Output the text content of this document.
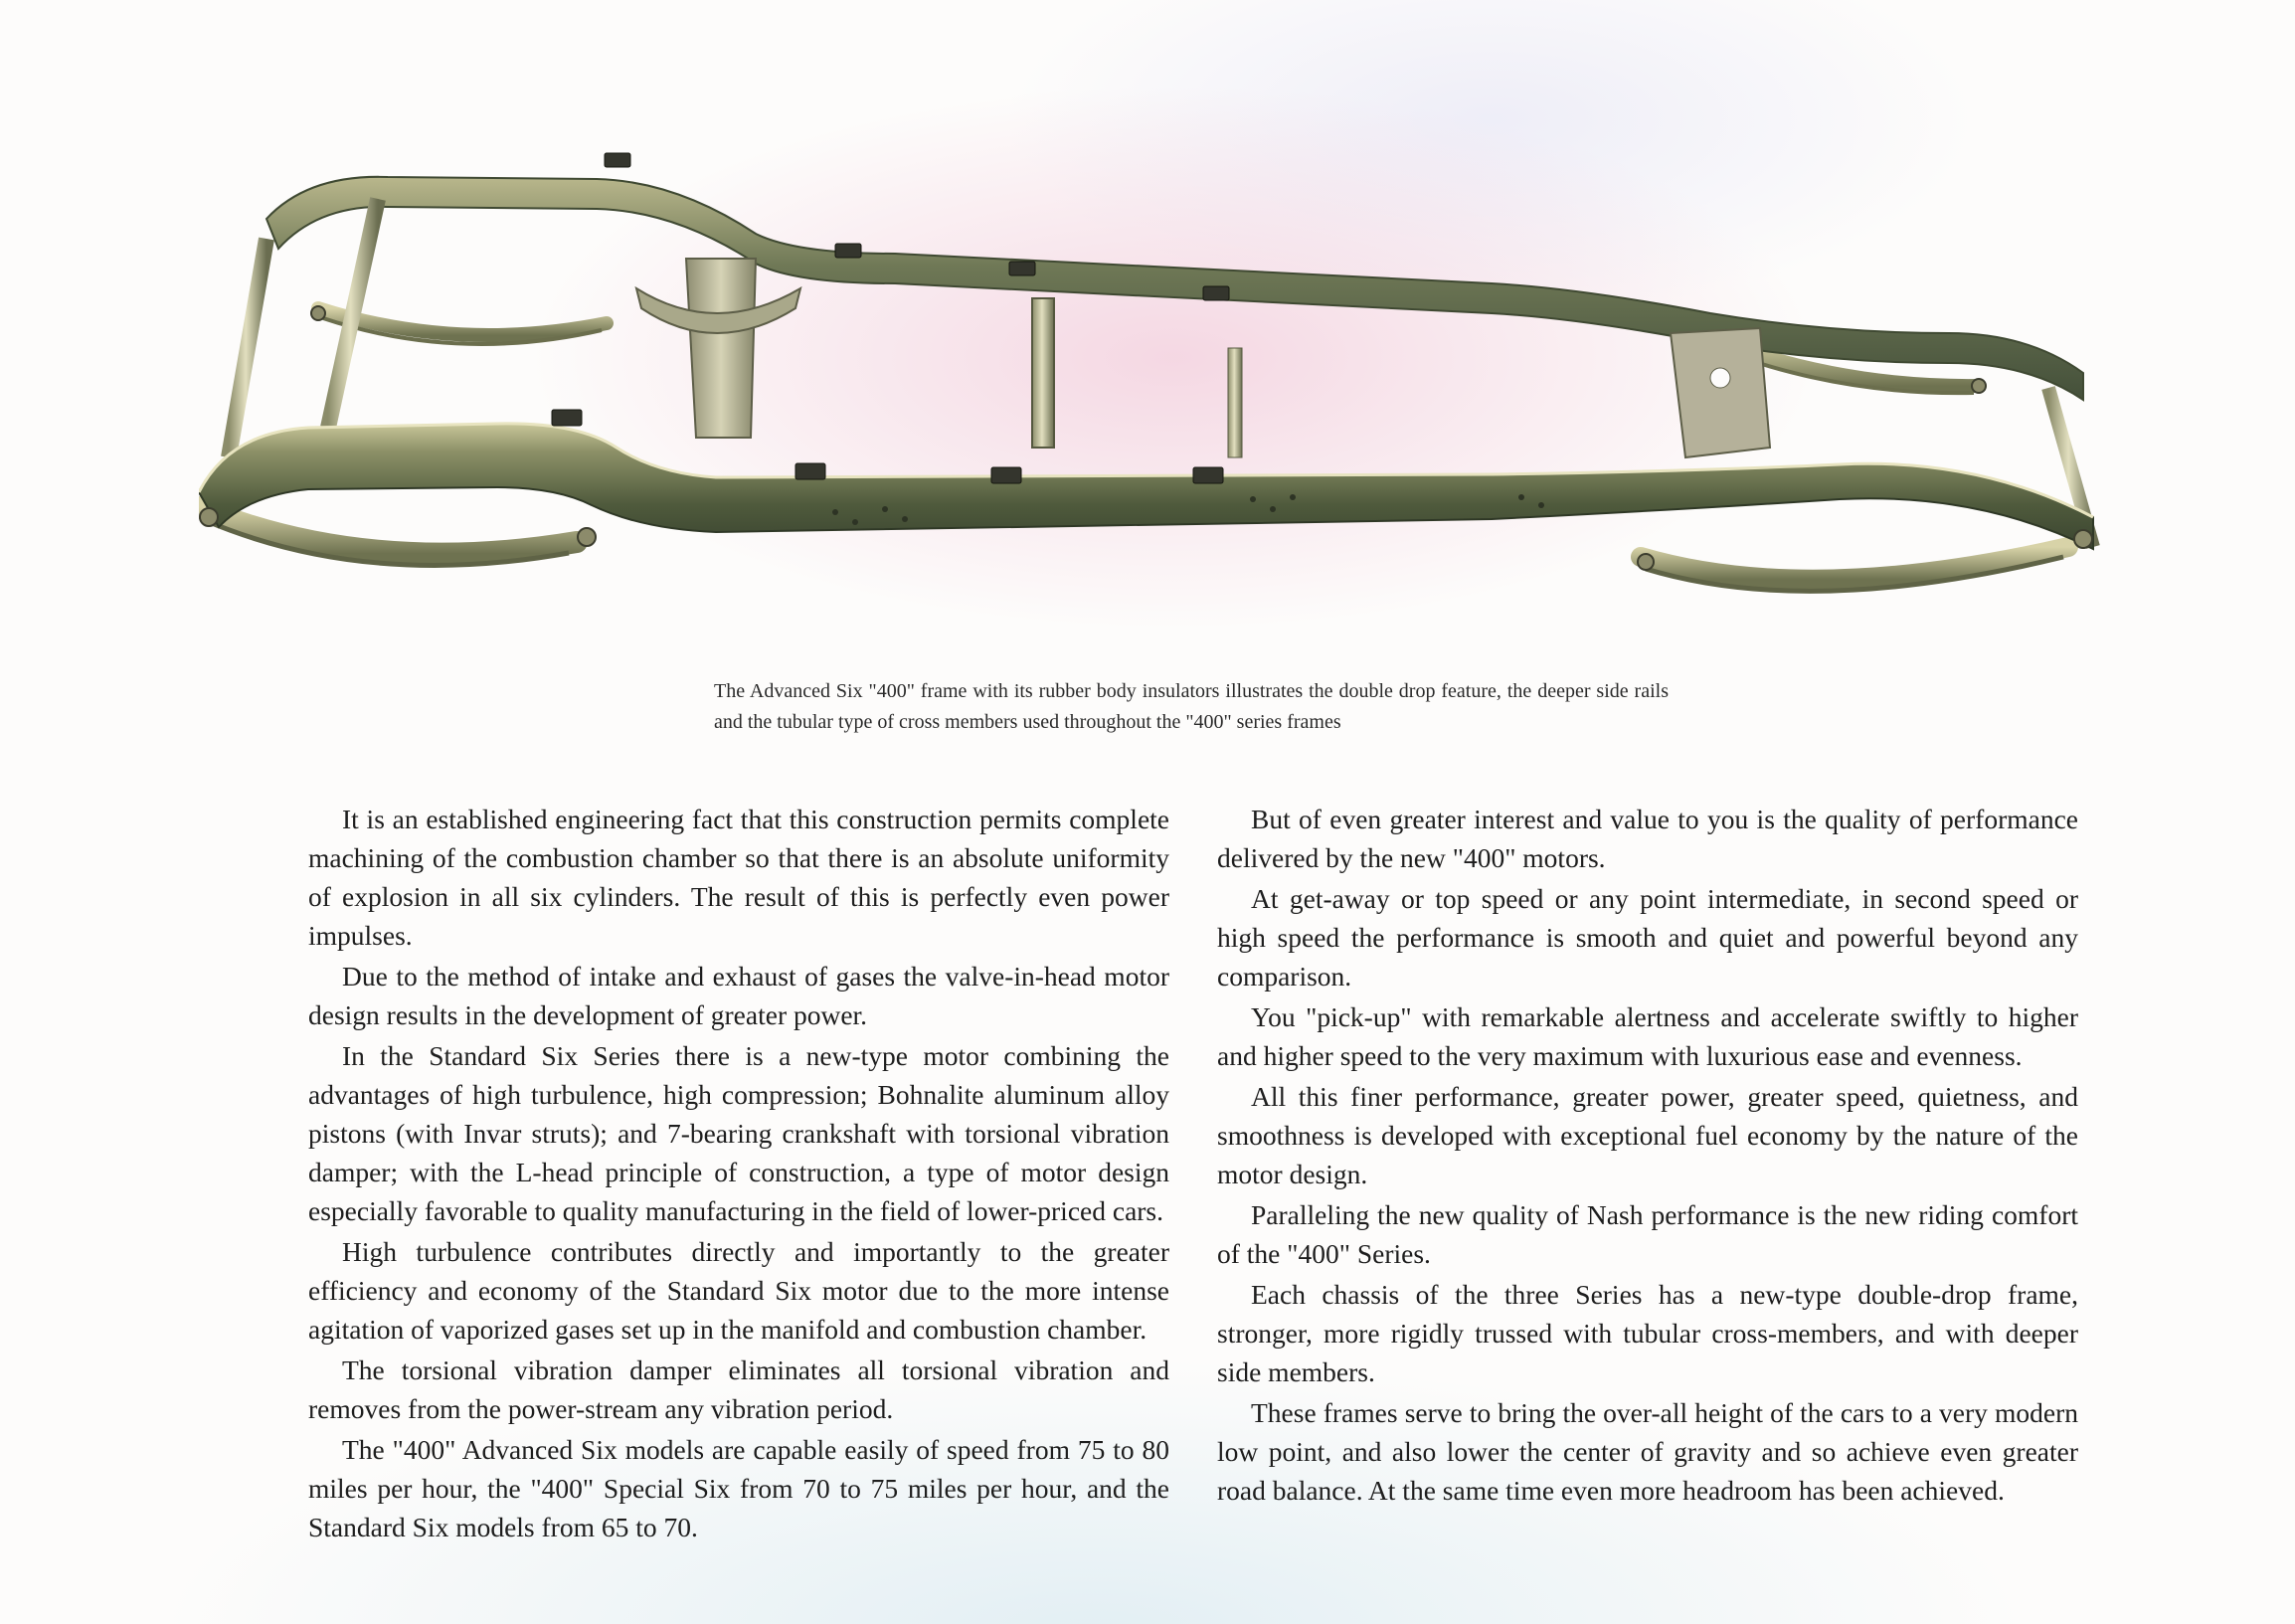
The Advanced Six "400" frame with its rubber body insulators illustrates the double drop feature, the deeper side rails and the tubular type of cross members used throughout the "400" series frames

It is an established engineering fact that this construction permits complete machining of the combustion chamber so that there is an absolute uniformity of explosion in all six cylinders. The result of this is perfectly even power impulses.

Due to the method of intake and exhaust of gases the valve-in-head motor design results in the development of greater power.

In the Standard Six Series there is a new-type motor combining the advantages of high turbulence, high compression; Bohnalite aluminum alloy pistons (with Invar struts); and 7-bearing crankshaft with torsional vibration damper; with the L-head principle of construction, a type of motor design especially favorable to quality manufacturing in the field of lower-priced cars.

High turbulence contributes directly and importantly to the greater efficiency and economy of the Standard Six motor due to the more intense agitation of vaporized gases set up in the manifold and combustion chamber.

The torsional vibration damper eliminates all torsional vibration and removes from the power-stream any vibration period.

The "400" Advanced Six models are capable easily of speed from 75 to 80 miles per hour, the "400" Special Six from 70 to 75 miles per hour, and the Standard Six models from 65 to 70.

But of even greater interest and value to you is the quality of performance delivered by the new "400" motors.

At get-away or top speed or any point intermediate, in second speed or high speed the performance is smooth and quiet and powerful beyond any comparison.

You "pick-up" with remarkable alertness and accelerate swiftly to higher and higher speed to the very maximum with luxurious ease and evenness.

All this finer performance, greater power, greater speed, quietness, and smoothness is developed with exceptional fuel economy by the nature of the motor design.

Paralleling the new quality of Nash performance is the new riding comfort of the "400" Series.

Each chassis of the three Series has a new-type double-drop frame, stronger, more rigidly trussed with tubular cross-members, and with deeper side members.

These frames serve to bring the over-all height of the cars to a very modern low point, and also lower the center of gravity and so achieve even greater road balance. At the same time even more headroom has been achieved.
